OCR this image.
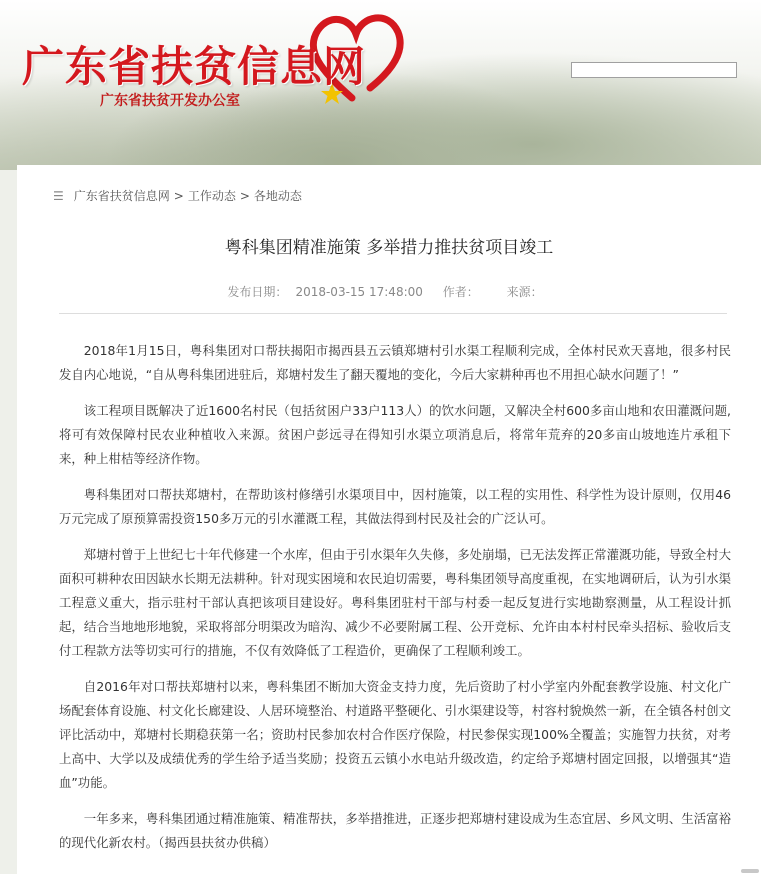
广东省扶贫信息网
广东省扶贫开发办公室
☰ 广东省扶贫信息网 > 工作动态 > 各地动态
粤科集团精准施策 多举措力推扶贫项目竣工
发布日期： 2018-03-15 17:48:00 作者： 来源：

2018年1月15日，粤科集团对口帮扶揭阳市揭西县五云镇郑塘村引水渠工程顺利完成，全体村民欢天喜地，很多村民发自内心地说，“自从粤科集团进驻后，郑塘村发生了翻天覆地的变化，今后大家耕种再也不用担心缺水问题了！”

该工程项目既解决了近1600名村民（包括贫困户33户113人）的饮水问题，又解决全村600多亩山地和农田灌溉问题,将可有效保障村民农业种植收入来源。贫困户彭远寻在得知引水渠立项消息后，将常年荒弃的20多亩山坡地连片承租下来，种上柑桔等经济作物。

粤科集团对口帮扶郑塘村，在帮助该村修缮引水渠项目中，因村施策，以工程的实用性、科学性为设计原则，仅用46万元完成了原预算需投资150多万元的引水灌溉工程，其做法得到村民及社会的广泛认可。

郑塘村曾于上世纪七十年代修建一个水库，但由于引水渠年久失修，多处崩塌，已无法发挥正常灌溉功能，导致全村大面积可耕种农田因缺水长期无法耕种。针对现实困境和农民迫切需要，粤科集团领导高度重视，在实地调研后，认为引水渠工程意义重大，指示驻村干部认真把该项目建设好。粤科集团驻村干部与村委一起反复进行实地勘察测量，从工程设计抓起，结合当地地形地貌，采取将部分明渠改为暗沟、减少不必要附属工程、公开竞标、允许由本村村民牵头招标、验收后支付工程款方法等切实可行的措施，不仅有效降低了工程造价，更确保了工程顺利竣工。

自2016年对口帮扶郑塘村以来，粤科集团不断加大资金支持力度，先后资助了村小学室内外配套教学设施、村文化广场配套体育设施、村文化长廊建设、人居环境整治、村道路平整硬化、引水渠建设等，村容村貌焕然一新，在全镇各村创文评比活动中，郑塘村长期稳获第一名；资助村民参加农村合作医疗保险，村民参保实现100%全覆盖；实施智力扶贫，对考上高中、大学以及成绩优秀的学生给予适当奖励；投资五云镇小水电站升级改造，约定给予郑塘村固定回报，以增强其“造血”功能。

一年多来，粤科集团通过精准施策、精准帮扶，多举措推进，正逐步把郑塘村建设成为生态宜居、乡风文明、生活富裕的现代化新农村。（揭西县扶贫办供稿）
